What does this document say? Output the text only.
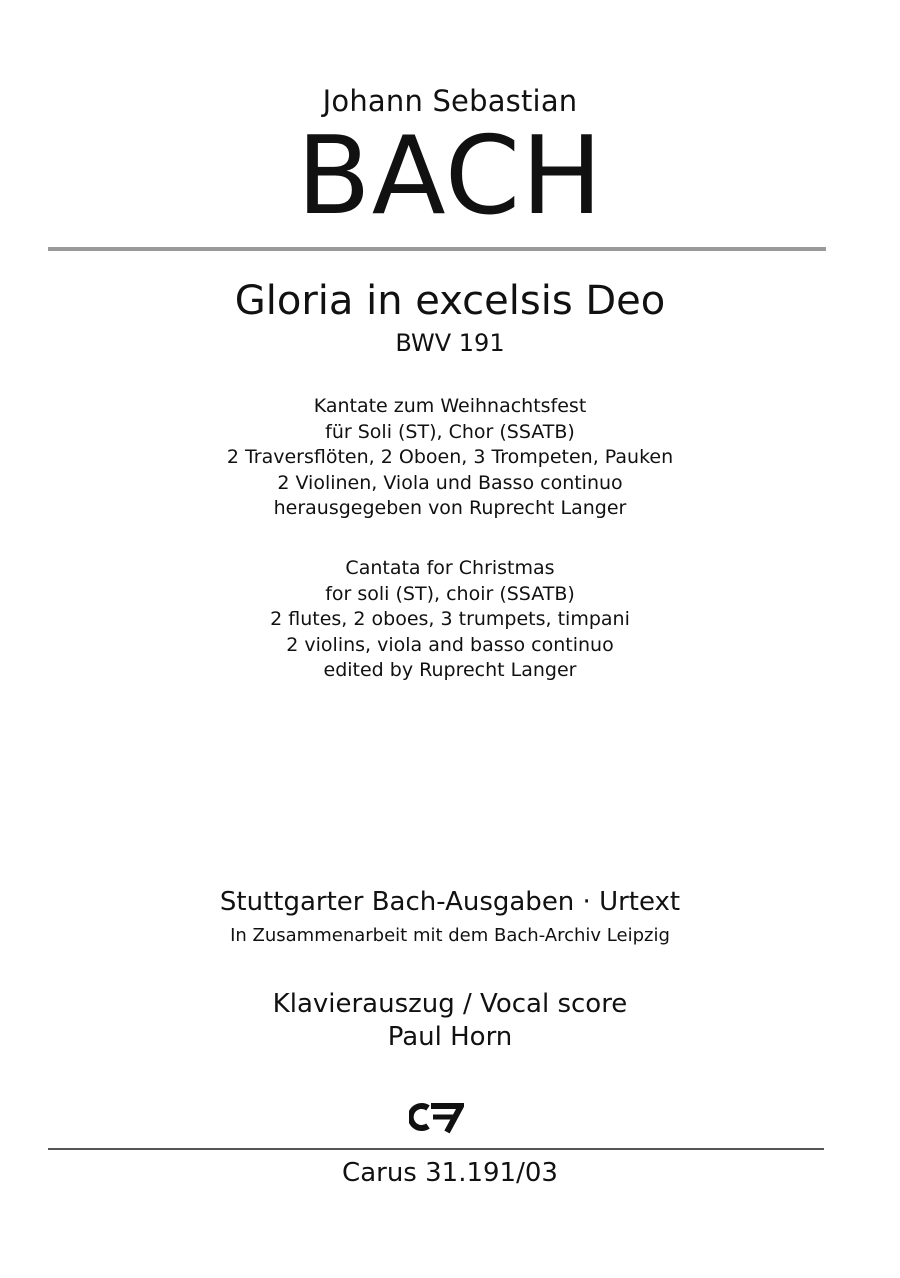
Johann Sebastian
BACH
Gloria in excelsis Deo
BWV 191
Kantate zum Weihnachtsfest
für Soli (ST), Chor (SSATB)
2 Traversflöten, 2 Oboen, 3 Trompeten, Pauken
2 Violinen, Viola und Basso continuo
herausgegeben von Ruprecht Langer
Cantata for Christmas
for soli (ST), choir (SSATB)
2 flutes, 2 oboes, 3 trumpets, timpani
2 violins, viola and basso continuo
edited by Ruprecht Langer
Stuttgarter Bach-Ausgaben · Urtext
In Zusammenarbeit mit dem Bach-Archiv Leipzig
Klavierauszug / Vocal score
Paul Horn
Carus 31.191/03
